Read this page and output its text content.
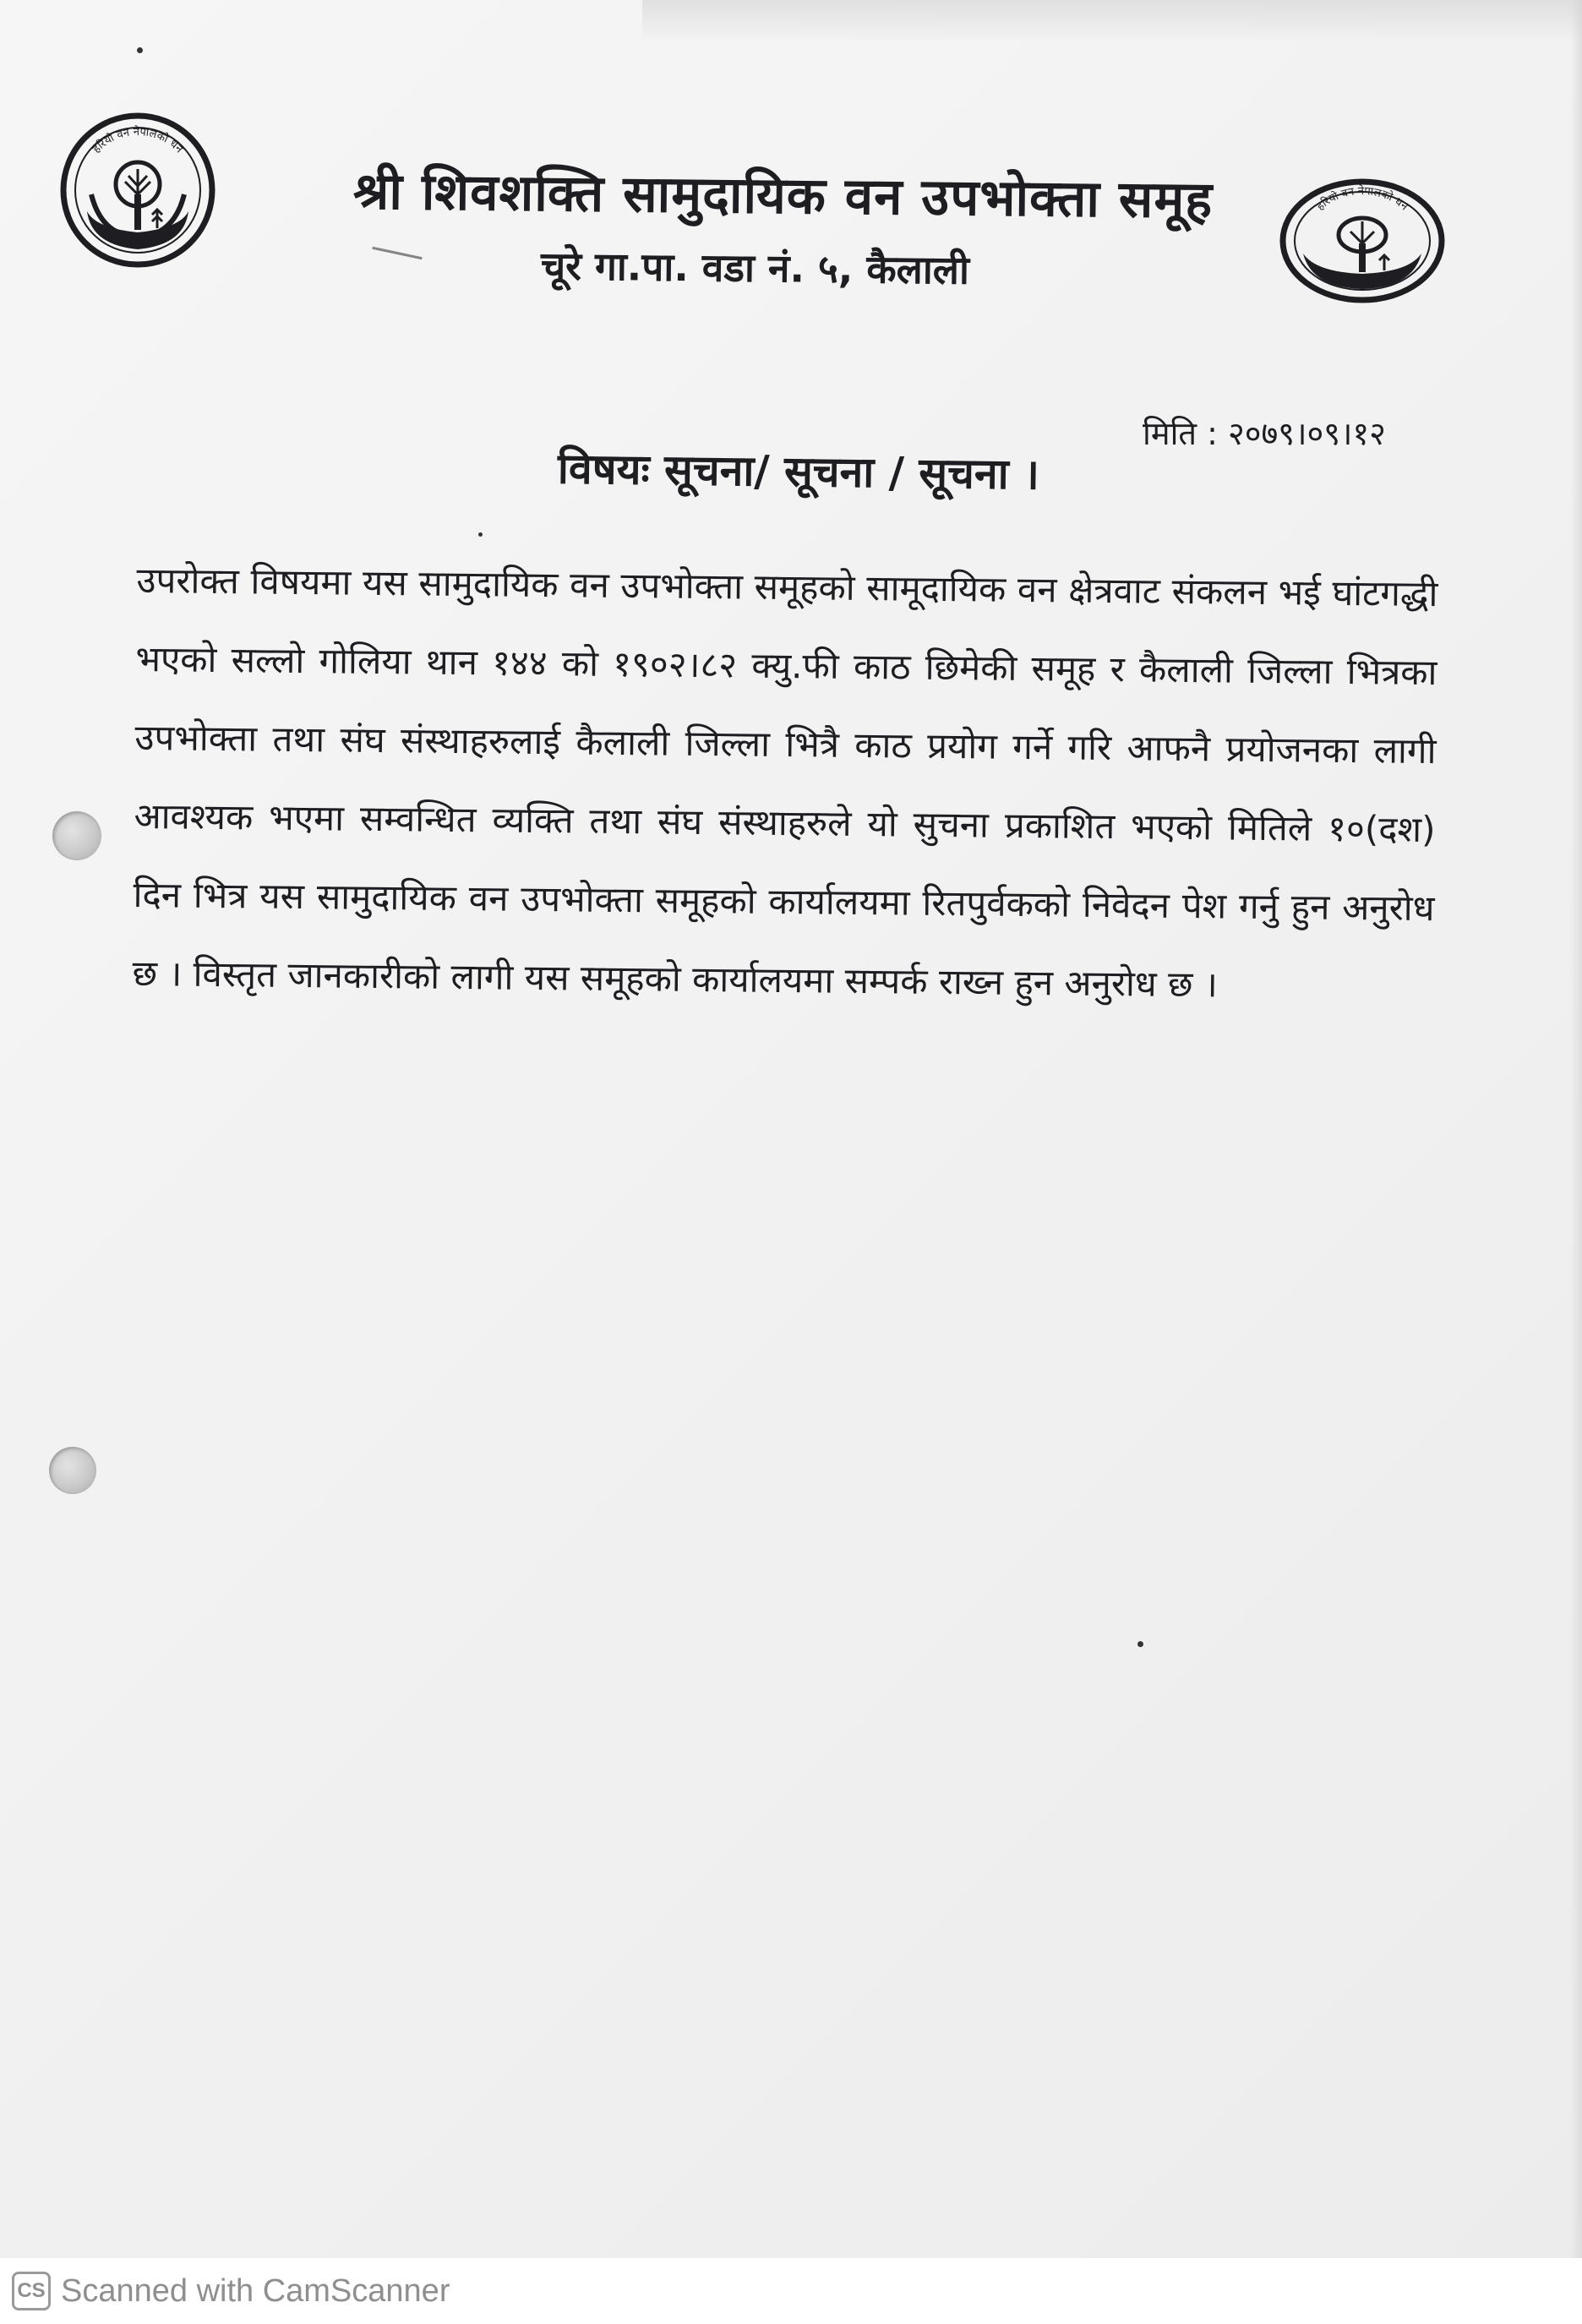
हरियो वन नेपालको धन
हरियो वन नेपालको धन
श्री शिवशक्ति सामुदायिक वन उपभोक्ता समूह
चूरे गा.पा. वडा नं. ५, कैलाली
मिति : २०७९।०९।१२
विषयः सूचना/ सूचना / सूचना ।
उपरोक्त विषयमा यस सामुदायिक वन उपभोक्ता समूहको सामूदायिक वन क्षेत्रवाट संकलन भई घांटगद्धी भएको सल्लो गोलिया थान १४४ को १९०२।८२ क्यु.फी काठ छिमेकी समूह र कैलाली जिल्ला भित्रका उपभोक्ता तथा संघ संस्थाहरुलाई कैलाली जिल्ला भित्रै काठ प्रयोग गर्ने गरि आफनै प्रयोजनका लागी आवश्यक भएमा सम्वन्धित व्यक्ति तथा संघ संस्थाहरुले यो सुचना प्रकाशित भएको मितिले १०(दश) दिन भित्र यस सामुदायिक वन उपभोक्ता समूहको कार्यालयमा रितपुर्वकको निवेदन पेश गर्नु हुन अनुरोध छ । विस्तृत जानकारीको लागी यस समूहको कार्यालयमा सम्पर्क राख्न हुन अनुरोध छ ।
CS Scanned with CamScanner
